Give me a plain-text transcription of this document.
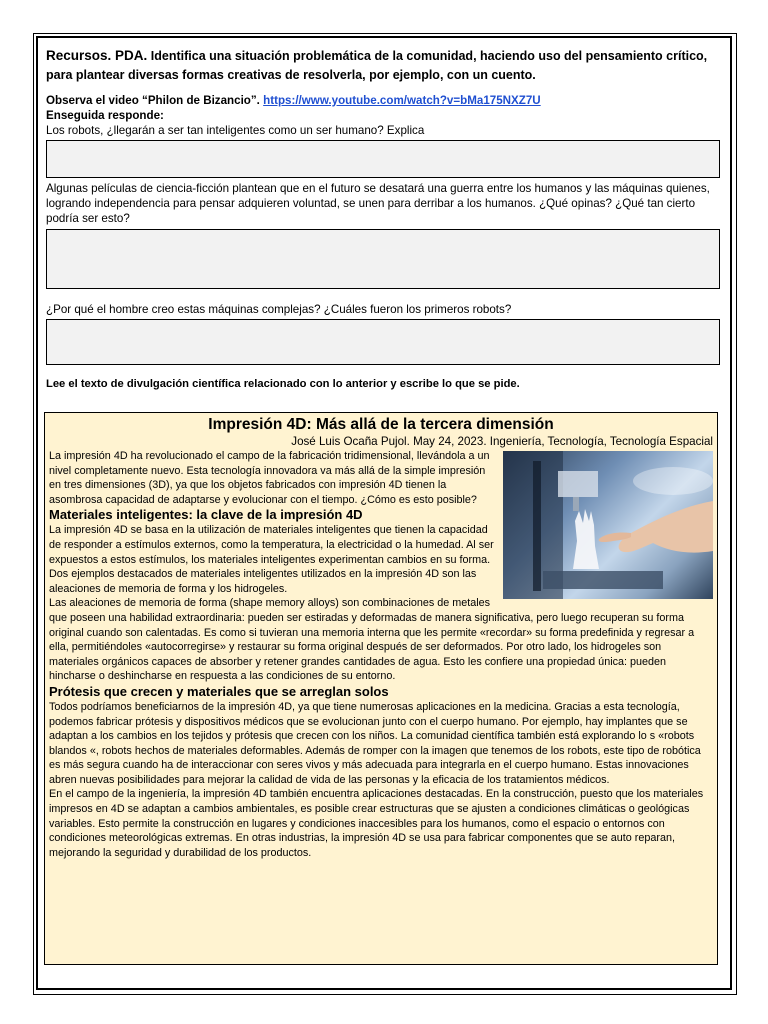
Recursos. PDA. Identifica una situación problemática de la comunidad, haciendo uso del pensamiento crítico, para plantear diversas formas creativas de resolverla, por ejemplo, con un cuento.

Observa el video “Philon de Bizancio”. https://www.youtube.com/watch?v=bMa175NXZ7U

Enseguida responde:

Los robots, ¿llegarán a ser tan inteligentes como un ser humano? Explica

Algunas películas de ciencia-ficción plantean que en el futuro se desatará una guerra entre los humanos y las máquinas quienes, logrando independencia para pensar adquieren voluntad, se unen para derribar a los humanos. ¿Qué opinas? ¿Qué tan cierto podría ser esto?

¿Por qué el hombre creo estas máquinas complejas? ¿Cuáles fueron los primeros robots?

Lee el texto de divulgación científica relacionado con lo anterior y escribe lo que se pide.

Impresión 4D: Más allá de la tercera dimensión
José Luis Ocaña Pujol. May 24, 2023. Ingeniería, Tecnología, Tecnología Espacial

La impresión 4D ha revolucionado el campo de la fabricación tridimensional, llevándola a un nivel completamente nuevo. Esta tecnología innovadora va más allá de la simple impresión en tres dimensiones (3D), ya que los objetos fabricados con impresión 4D tienen la asombrosa capacidad de adaptarse y evolucionar con el tiempo. ¿Cómo es esto posible?

Materiales inteligentes: la clave de la impresión 4D

La impresión 4D se basa en la utilización de materiales inteligentes que tienen la capacidad de responder a estímulos externos, como la temperatura, la electricidad o la humedad. Al ser expuestos a estos estímulos, los materiales inteligentes experimentan cambios en su forma. Dos ejemplos destacados de materiales inteligentes utilizados en la impresión 4D son las aleaciones de memoria de forma y los hidrogeles.

Las aleaciones de memoria de forma (shape memory alloys) son combinaciones de metales que poseen una habilidad extraordinaria: pueden ser estiradas y deformadas de manera significativa, pero luego recuperan su forma original cuando son calentadas. Es como si tuvieran una memoria interna que les permite «recordar» su forma predefinida y regresar a ella, permitiéndoles «autocorregirse» y restaurar su forma original después de ser deformados. Por otro lado, los hidrogeles son materiales orgánicos capaces de absorber y retener grandes cantidades de agua. Esto les confiere una propiedad única: pueden hincharse o deshincharse en respuesta a las condiciones de su entorno.

Prótesis que crecen y materiales que se arreglan solos

Todos podríamos beneficiarnos de la impresión 4D, ya que tiene numerosas aplicaciones en la medicina. Gracias a esta tecnología, podemos fabricar prótesis y dispositivos médicos que se evolucionan junto con el cuerpo humano. Por ejemplo, hay implantes que se adaptan a los cambios en los tejidos y prótesis que crecen con los niños. La comunidad científica también está explorando lo s «robots blandos «, robots hechos de materiales deformables. Además de romper con la imagen que tenemos de los robots, este tipo de robótica es más segura cuando ha de interaccionar con seres vivos y más adecuada para integrarla en el cuerpo humano. Estas innovaciones abren nuevas posibilidades para mejorar la calidad de vida de las personas y la eficacia de los tratamientos médicos.

En el campo de la ingeniería, la impresión 4D también encuentra aplicaciones destacadas. En la construcción, puesto que los materiales impresos en 4D se adaptan a cambios ambientales, es posible crear estructuras que se ajusten a condiciones climáticas o geológicas variables. Esto permite la construcción en lugares y condiciones inaccesibles para los humanos, como el espacio o entornos con condiciones meteorológicas extremas. En otras industrias, la impresión 4D se usa para fabricar componentes que se auto reparan, mejorando la seguridad y durabilidad de los productos.
